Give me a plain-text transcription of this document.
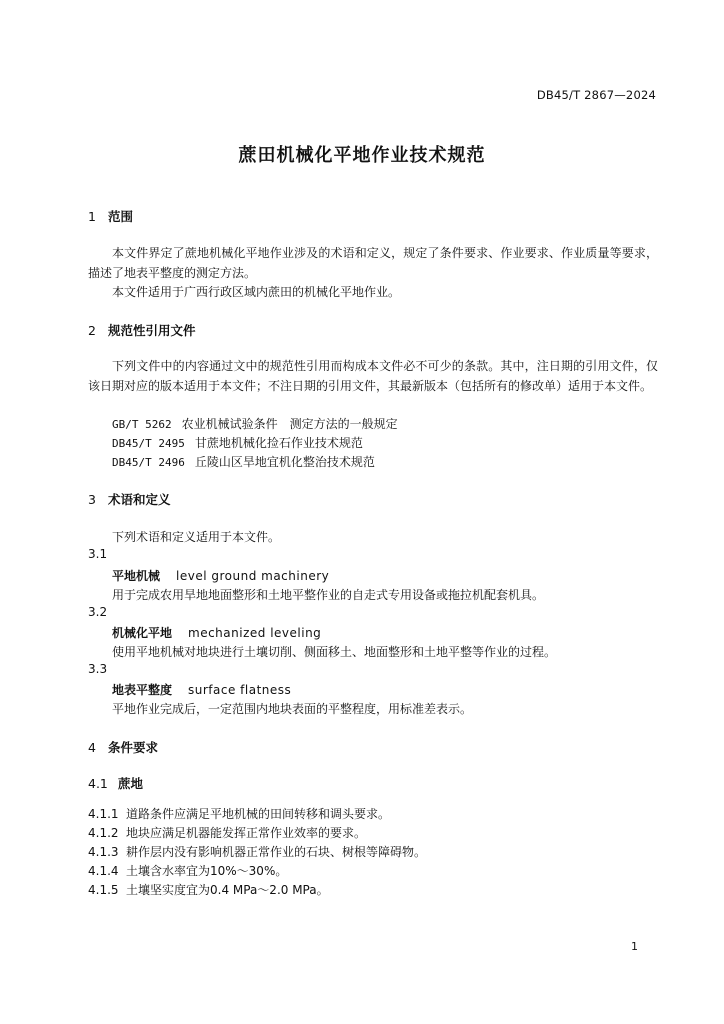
DB45/T 2867—2024
蔗田机械化平地作业技术规范
1 范围
本文件界定了蔗地机械化平地作业涉及的术语和定义，规定了条件要求、作业要求、作业质量等要求，描述了地表平整度的测定方法。
本文件适用于广西行政区域内蔗田的机械化平地作业。
2 规范性引用文件
下列文件中的内容通过文中的规范性引用而构成本文件必不可少的条款。其中，注日期的引用文件，仅该日期对应的版本适用于本文件；不注日期的引用文件，其最新版本（包括所有的修改单）适用于本文件。
GB/T 5262 农业机械试验条件　测定方法的一般规定
DB45/T 2495 甘蔗地机械化捡石作业技术规范
DB45/T 2496 丘陵山区旱地宜机化整治技术规范
3 术语和定义
下列术语和定义适用于本文件。
3.1
平地机械 level ground machinery
用于完成农用旱地地面整形和土地平整作业的自走式专用设备或拖拉机配套机具。
3.2
机械化平地 mechanized leveling
使用平地机械对地块进行土壤切削、侧面移土、地面整形和土地平整等作业的过程。
3.3
地表平整度 surface flatness
平地作业完成后，一定范围内地块表面的平整程度，用标准差表示。
4 条件要求
4.1 蔗地
4.1.1 道路条件应满足平地机械的田间转移和调头要求。
4.1.2 地块应满足机器能发挥正常作业效率的要求。
4.1.3 耕作层内没有影响机器正常作业的石块、树根等障碍物。
4.1.4 土壤含水率宜为10%～30%。
4.1.5 土壤坚实度宜为0.4 MPa～2.0 MPa。
1
